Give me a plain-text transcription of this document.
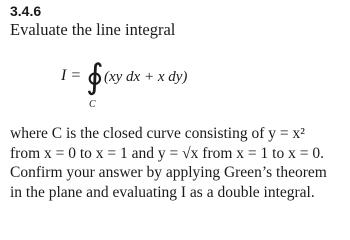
3.4.6
Evaluate the line integral
I = ∮ (xy dx + x dy)
C
where C is the closed curve consisting of y = x²
from x = 0 to x = 1 and y = √x from x = 1 to x = 0.
Confirm your answer by applying Green’s theorem
in the plane and evaluating I as a double integral.
